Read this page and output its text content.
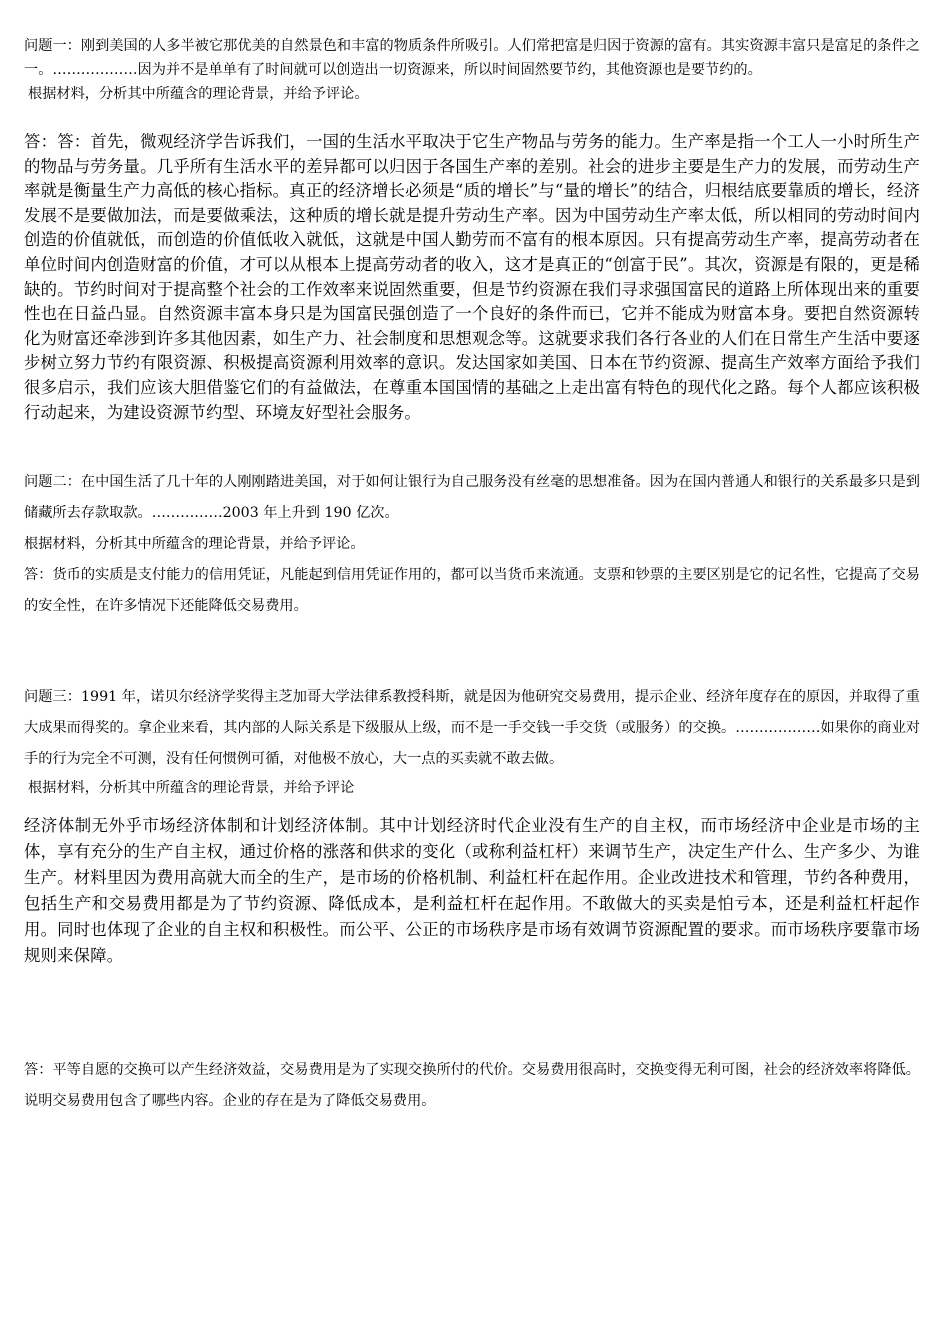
问题一：刚到美国的人多半被它那优美的自然景色和丰富的物质条件所吸引。人们常把富是归因于资源的富有。其实资源丰富只是富足的条件之一。………………因为并不是单单有了时间就可以创造出一切资源来，所以时间固然要节约，其他资源也是要节约的。

根据材料，分析其中所蕴含的理论背景，并给予评论。

答：答：首先，微观经济学告诉我们，一国的生活水平取决于它生产物品与劳务的能力。生产率是指一个工人一小时所生产的物品与劳务量。几乎所有生活水平的差异都可以归因于各国生产率的差别。社会的进步主要是生产力的发展，而劳动生产率就是衡量生产力高低的核心指标。真正的经济增长必须是“质的增长”与“量的增长”的结合，归根结底要靠质的增长，经济发展不是要做加法，而是要做乘法，这种质的增长就是提升劳动生产率。因为中国劳动生产率太低，所以相同的劳动时间内创造的价值就低，而创造的价值低收入就低，这就是中国人勤劳而不富有的根本原因。只有提高劳动生产率，提高劳动者在单位时间内创造财富的价值，才可以从根本上提高劳动者的收入，这才是真正的“创富于民”。其次，资源是有限的，更是稀缺的。节约时间对于提高整个社会的工作效率来说固然重要，但是节约资源在我们寻求强国富民的道路上所体现出来的重要性也在日益凸显。自然资源丰富本身只是为国富民强创造了一个良好的条件而已，它并不能成为财富本身。要把自然资源转化为财富还牵涉到许多其他因素，如生产力、社会制度和思想观念等。这就要求我们各行各业的人们在日常生产生活中要逐步树立努力节约有限资源、积极提高资源利用效率的意识。发达国家如美国、日本在节约资源、提高生产效率方面给予我们很多启示，我们应该大胆借鉴它们的有益做法，在尊重本国国情的基础之上走出富有特色的现代化之路。每个人都应该积极行动起来，为建设资源节约型、环境友好型社会服务。

问题二：在中国生活了几十年的人刚刚踏进美国，对于如何让银行为自己服务没有丝毫的思想准备。因为在国内普通人和银行的关系最多只是到储藏所去存款取款。……………2003 年上升到 190 亿次。

根据材料，分析其中所蕴含的理论背景，并给予评论。

答：货币的实质是支付能力的信用凭证，凡能起到信用凭证作用的，都可以当货币来流通。支票和钞票的主要区别是它的记名性，它提高了交易的安全性，在许多情况下还能降低交易费用。

问题三：1991 年，诺贝尔经济学奖得主芝加哥大学法律系教授科斯，就是因为他研究交易费用，提示企业、经济年度存在的原因，并取得了重大成果而得奖的。拿企业来看，其内部的人际关系是下级服从上级，而不是一手交钱一手交货（或服务）的交换。………………如果你的商业对手的行为完全不可测，没有任何惯例可循，对他极不放心，大一点的买卖就不敢去做。

根据材料，分析其中所蕴含的理论背景，并给予评论

经济体制无外乎市场经济体制和计划经济体制。其中计划经济时代企业没有生产的自主权，而市场经济中企业是市场的主体，享有充分的生产自主权，通过价格的涨落和供求的变化（或称利益杠杆）来调节生产，决定生产什么、生产多少、为谁生产。材料里因为费用高就大而全的生产，是市场的价格机制、利益杠杆在起作用。企业改进技术和管理，节约各种费用，包括生产和交易费用都是为了节约资源、降低成本，是利益杠杆在起作用。不敢做大的买卖是怕亏本，还是利益杠杆起作用。同时也体现了企业的自主权和积极性。而公平、公正的市场秩序是市场有效调节资源配置的要求。而市场秩序要靠市场规则来保障。

答：平等自愿的交换可以产生经济效益，交易费用是为了实现交换所付的代价。交易费用很高时，交换变得无利可图，社会的经济效率将降低。说明交易费用包含了哪些内容。企业的存在是为了降低交易费用。
